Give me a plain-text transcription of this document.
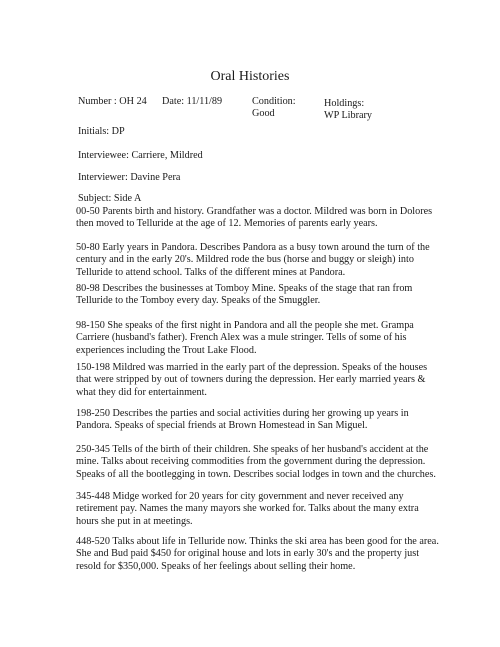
Oral Histories
Number : OH 24 Date: 11/11/89	Condition:
Good
Holdings:
WP Library
Initials: DP
Interviewee: Carriere, Mildred
Interviewer: Davine Pera
Subject: Side A
00-50 Parents birth and history. Grandfather was a doctor. Mildred was born in Dolores
then moved to Telluride at the age of 12. Memories of parents early years.
50-80 Early years in Pandora. Describes Pandora as a busy town around the turn of the
century and in the early 20's. Mildred rode the bus (horse and buggy or sleigh) into
Telluride to attend school. Talks of the different mines at Pandora.
80-98 Describes the businesses at Tomboy Mine. Speaks of the stage that ran from
Telluride to the Tomboy every day. Speaks of the Smuggler.
98-150 She speaks of the first night in Pandora and all the people she met. Grampa
Carriere (husband's father). French Alex was a mule stringer. Tells of some of his
experiences including the Trout Lake Flood.
150-198 Mildred was married in the early part of the depression. Speaks of the houses
that were stripped by out of towners during the depression. Her early married years &
what they did for entertainment.
198-250 Describes the parties and social activities during her growing up years in
Pandora. Speaks of special friends at Brown Homestead in San Miguel.
250-345 Tells of the birth of their children. She speaks of her husband's accident at the
mine. Talks about receiving commodities from the government during the depression.
Speaks of all the bootlegging in town. Describes social lodges in town and the churches.
345-448 Midge worked for 20 years for city government and never received any
retirement pay. Names the many mayors she worked for. Talks about the many extra
hours she put in at meetings.
448-520 Talks about life in Telluride now. Thinks the ski area has been good for the area.
She and Bud paid $450 for original house and lots in early 30's and the property just
resold for $350,000. Speaks of her feelings about selling their home.
